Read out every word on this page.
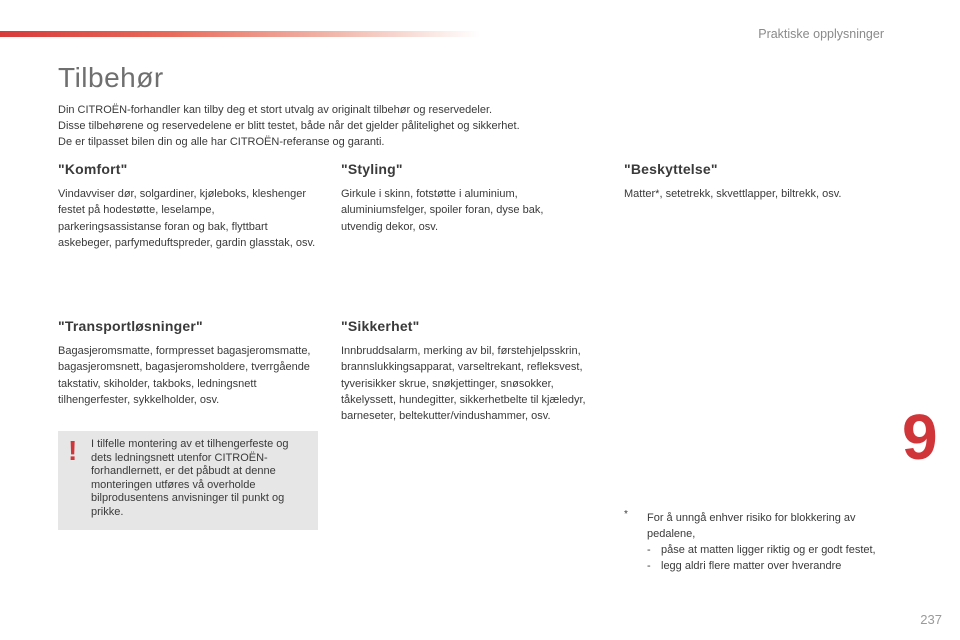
Praktiske opplysninger
Tilbehør

Din CITROËN-forhandler kan tilby deg et stort utvalg av originalt tilbehør og reservedeler.

Disse tilbehørene og reservedelene er blitt testet, både når det gjelder pålitelighet og sikkerhet.

De er tilpasset bilen din og alle har CITROËN-referanse og garanti.

"Komfort"

Vindavviser dør, solgardiner, kjøleboks, kleshenger festet på hodestøtte, leselampe, parkeringsassistanse foran og bak, flyttbart askebeger, parfymeduftspreder, gardin glasstak, osv.

"Styling"

Girkule i skinn, fotstøtte i aluminium, aluminiumsfelger, spoiler foran, dyse bak, utvendig dekor, osv.

"Beskyttelse"

Matter*, setetrekk, skvettlapper, biltrekk, osv.

"Transportløsninger"

Bagasjeromsmatte, formpresset bagasjeromsmatte, bagasjeromsnett, bagasjeromsholdere, tverrgående takstativ, skiholder, takboks, ledningsnett tilhengerfester, sykkelholder, osv.

"Sikkerhet"

Innbruddsalarm, merking av bil, førstehjelpsskrin, brannslukkingsapparat, varseltrekant, refleksvest, tyverisikker skrue, snøkjettinger, snøsokker, tåkelyssett, hundegitter, sikkerhetbelte til kjæledyr, barneseter, beltekutter/vindushammer, osv.

! I tilfelle montering av et tilhengerfeste og dets ledningsnett utenfor CITROËN-forhandlernett, er det påbudt at denne monteringen utføres vå overholde bilprodusentens anvisninger til punkt og prikke.	* For å unngå enhver risiko for blokkering av pedalene,
- påse at matten ligger riktig og er godt festet,
- legg aldri flere matter over hverandre
9
237
